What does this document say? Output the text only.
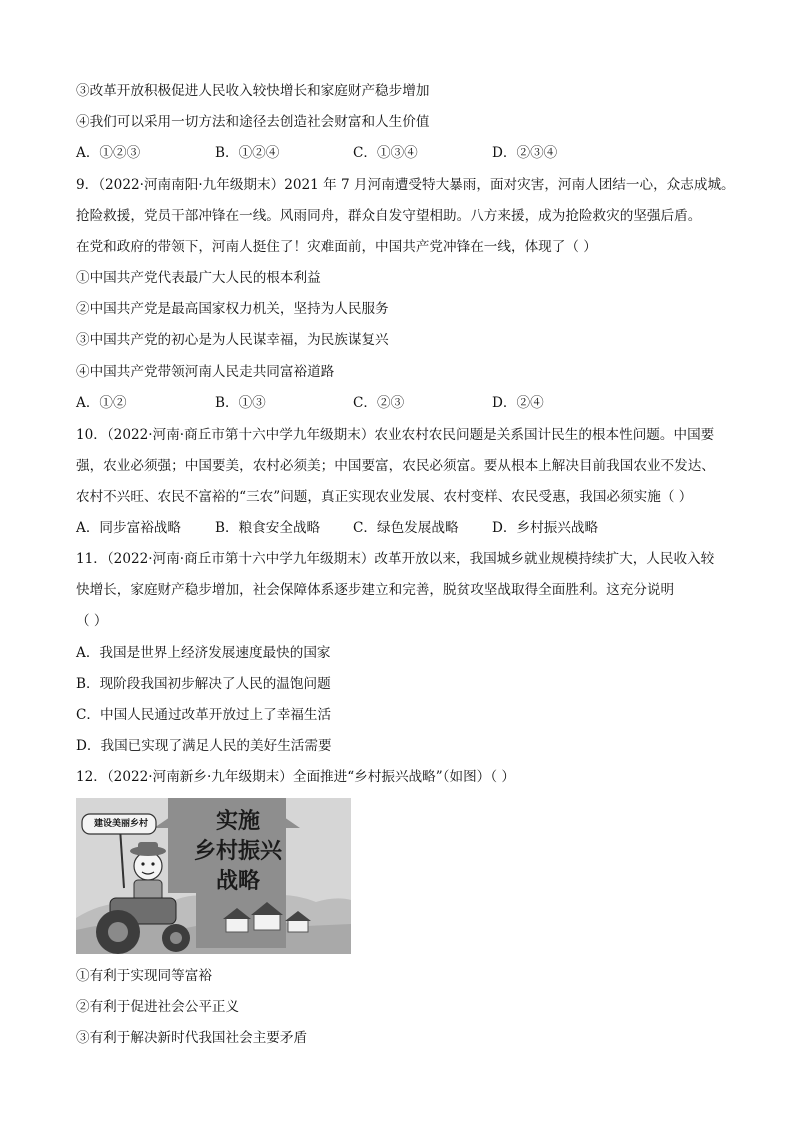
③改革开放积极促进人民收入较快增长和家庭财产稳步增加
④我们可以采用一切方法和途径去创造社会财富和人生价值
A．①②③	B．①②④	C．①③④	D．②③④
9．（2022·河南南阳·九年级期末）2021 年 7 月河南遭受特大暴雨，面对灾害，河南人团结一心，众志成城。
抢险救援，党员干部冲锋在一线。风雨同舟，群众自发守望相助。八方来援，成为抢险救灾的坚强后盾。
在党和政府的带领下，河南人挺住了！灾难面前，中国共产党冲锋在一线，体现了（ ）
①中国共产党代表最广大人民的根本利益
②中国共产党是最高国家权力机关，坚持为人民服务
③中国共产党的初心是为人民谋幸福，为民族谋复兴
④中国共产党带领河南人民走共同富裕道路
A．①②	B．①③	C．②③	D．②④
10．（2022·河南·商丘市第十六中学九年级期末）农业农村农民问题是关系国计民生的根本性问题。中国要
强，农业必须强；中国要美，农村必须美；中国要富，农民必须富。要从根本上解决目前我国农业不发达、
农村不兴旺、农民不富裕的“三农”问题，真正实现农业发展、农村变样、农民受惠，我国必须实施（ ）
A．同步富裕战略	B．粮食安全战略 C．绿色发展战略 D．乡村振兴战略
11．（2022·河南·商丘市第十六中学九年级期末）改革开放以来，我国城乡就业规模持续扩大，人民收入较
快增长，家庭财产稳步增加，社会保障体系逐步建立和完善，脱贫攻坚战取得全面胜利。这充分说明
（ ）
A．我国是世界上经济发展速度最快的国家
B．现阶段我国初步解决了人民的温饱问题
C．中国人民通过改革开放过上了幸福生活
D．我国已实现了满足人民的美好生活需要
12．（2022·河南新乡·九年级期末）全面推进“乡村振兴战略”（如图）（ ）
建设美丽乡村	实施
乡村振兴
战略
①有利于实现同等富裕
②有利于促进社会公平正义
③有利于解决新时代我国社会主要矛盾
